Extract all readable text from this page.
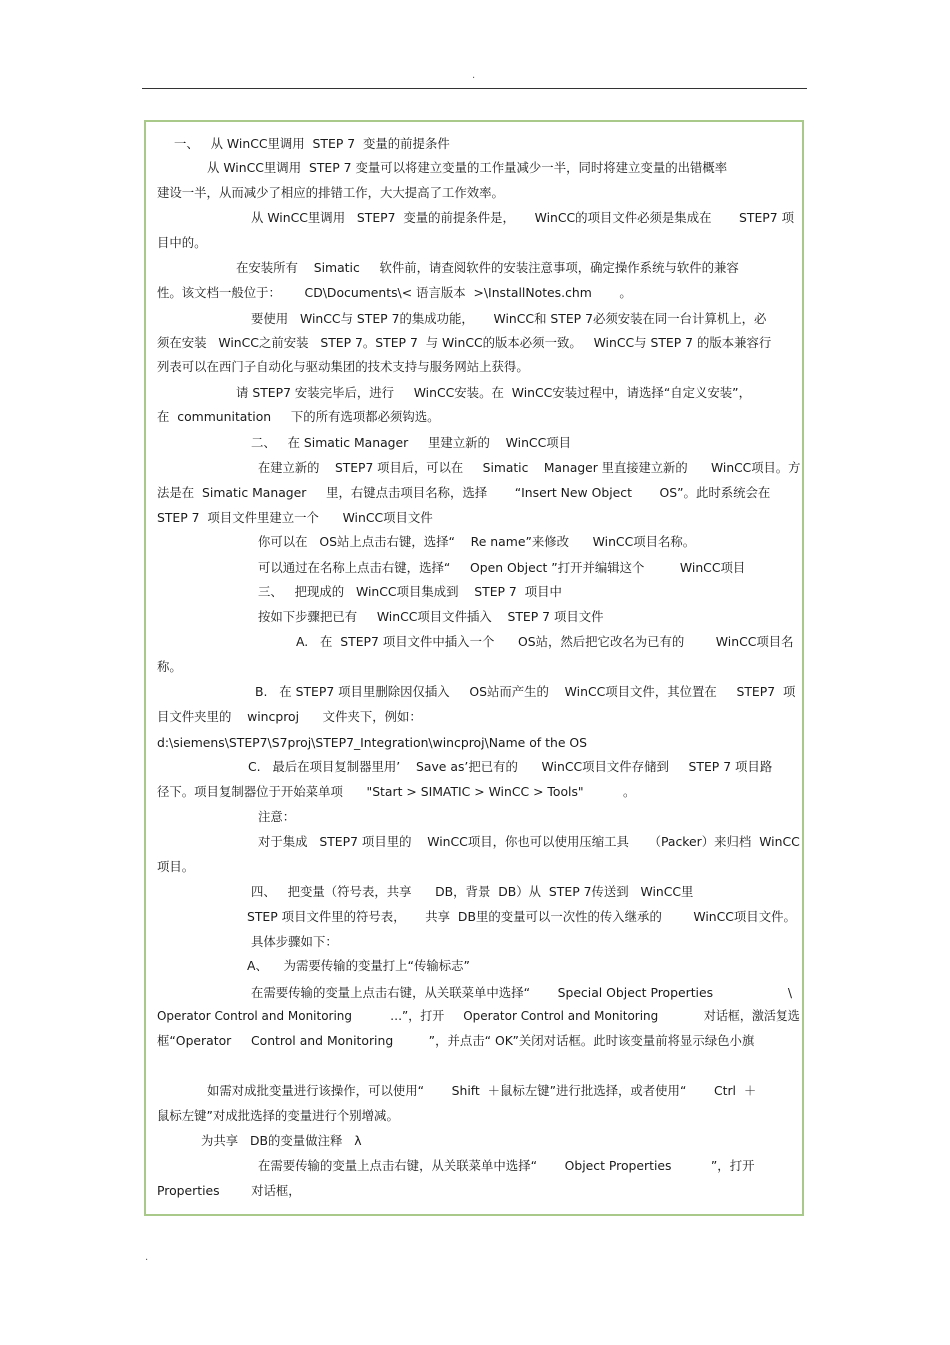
.
一、   从 WinCC里调用  STEP 7  变量的前提条件
从 WinCC里调用  STEP 7 变量可以将建立变量的工作量减少一半，同时将建立变量的出错概率
建设一半，从而减少了相应的排错工作，大大提高了工作效率。
从 WinCC里调用   STEP7  变量的前提条件是，     WinCC的项目文件必须是集成在       STEP7 项
目中的。
在安装所有    Simatic     软件前，请查阅软件的安装注意事项，确定操作系统与软件的兼容
性。该文档一般位于：      CD\Documents\< 语言版本  >\InstallNotes.chm       。
要使用   WinCC与 STEP 7的集成功能，     WinCC和 STEP 7必须安装在同一台计算机上，必
须在安装   WinCC之前安装   STEP 7。STEP 7  与 WinCC的版本必须一致。   WinCC与 STEP 7 的版本兼容行
列表可以在西门子自动化与驱动集团的技术支持与服务网站上获得。
请 STEP7 安装完毕后，进行     WinCC安装。在  WinCC安装过程中，请选择“自定义安装”，
在  communitation     下的所有选项都必须钩选。
二、   在 Simatic Manager     里建立新的    WinCC项目
在建立新的    STEP7 项目后，可以在     Simatic    Manager 里直接建立新的      WinCC项目。方
法是在  Simatic Manager     里，右键点击项目名称，选择       “Insert New Object       OS”。此时系统会在
STEP 7  项目文件里建立一个      WinCC项目文件
你可以在   OS站上点击右键，选择“    Re name”来修改      WinCC项目名称。
可以通过在名称上点击右键，选择“     Open Object ”打开并编辑这个         WinCC项目
三、   把现成的   WinCC项目集成到    STEP 7  项目中
按如下步骤把已有     WinCC项目文件插入    STEP 7 项目文件
A.   在  STEP7 项目文件中插入一个      OS站，然后把它改名为已有的        WinCC项目名
称。
B.   在 STEP7 项目里删除因仅插入     OS站而产生的    WinCC项目文件，其位置在     STEP7  项
目文件夹里的    wincproj      文件夹下，例如：
d:\siemens\STEP7\S7proj\STEP7_Integration\wincproj\Name of the OS
C.   最后在项目复制器里用’    Save as’把已有的      WinCC项目文件存储到     STEP 7 项目路
径下。项目复制器位于开始菜单项      "Start > SIMATIC > WinCC > Tools"          。
注意：
对于集成   STEP7 项目里的    WinCC项目，你也可以使用压缩工具     （Packer）来归档  WinCC
项目。
四、   把变量（符号表，共享      DB，背景  DB）从  STEP 7传送到   WinCC里
STEP 项目文件里的符号表，     共享  DB里的变量可以一次性的传入继承的        WinCC项目文件。
具体步骤如下：
A、    为需要传输的变量打上“传输标志”
在需要传输的变量上点击右键，从关联菜单中选择“       Special Object Properties                   \
Operator Control and Monitoring          …”，打开     Operator Control and Monitoring            对话框，激活复选
框“Operator     Control and Monitoring         ”，并点击“ OK”关闭对话框。此时该变量前将显示绿色小旗
如需对成批变量进行该操作，可以使用“       Shift  ＋鼠标左键”进行批选择，或者使用“       Ctrl  ＋
鼠标左键”对成批选择的变量进行个别增减。
为共享   DB的变量做注释   λ
在需要传输的变量上点击右键，从关联菜单中选择“       Object Properties          ”，打开
Properties        对话框，
.
